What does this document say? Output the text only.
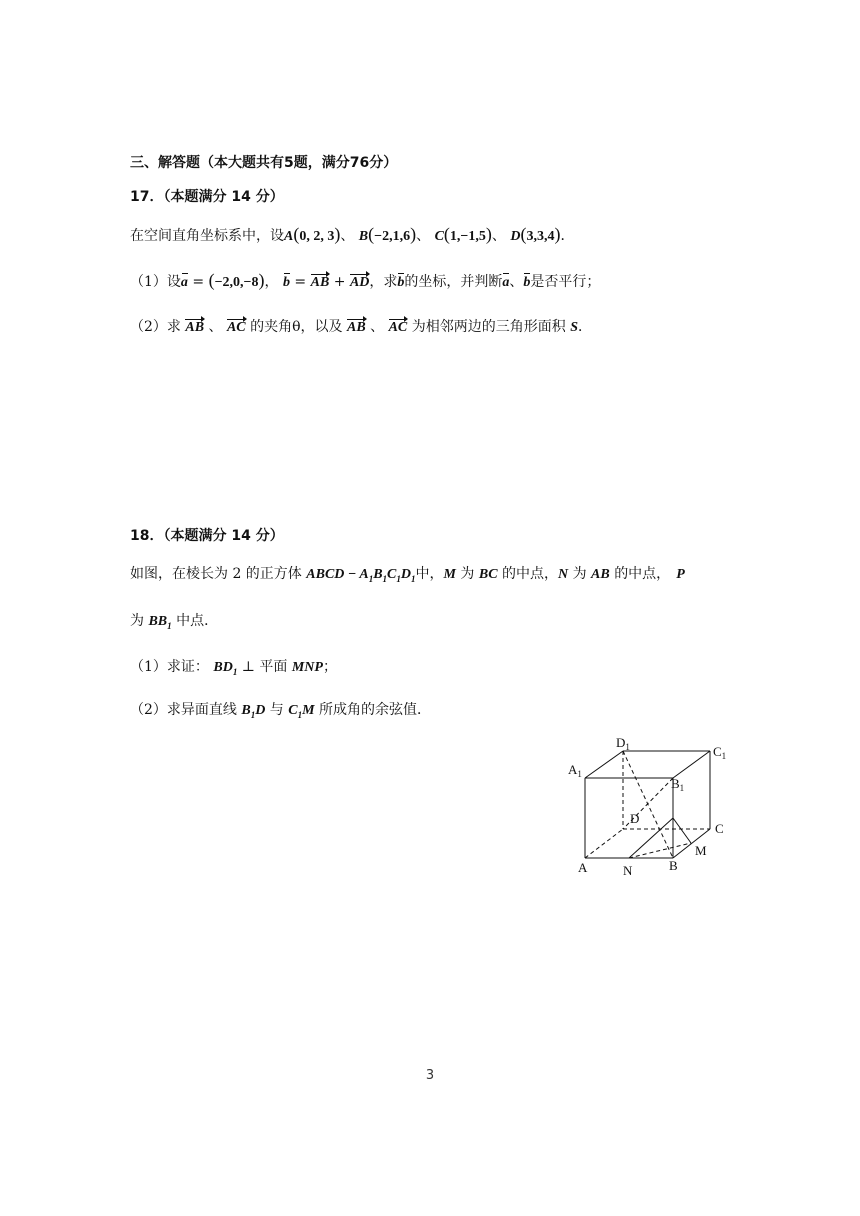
三、解答题（本大题共有5题，满分76分）
17．（本题满分 14 分）
在空间直角坐标系中，设A(0, 2, 3)、 B(−2,1,6)、 C(1,−1,5)、 D(3,3,4)．
（1）设a = (−2,0,−8)， b = AB + AD，求b的坐标，并判断a、b是否平行；
（2）求 AB 、 AC 的夹角θ，以及 AB 、 AC 为相邻两边的三角形面积 S．
18．（本题满分 14 分）
如图，在棱长为 2 的正方体 ABCD − $A_1B_1C_1D_1$中，M 为 BC 的中点，N 为 AB 的中点， P
为 $BB_1$ 中点．
（1）求证： $BD_1$ ⊥ 平面 MNP；
（2）求异面直线 $B_1D$ 与 $C_1M$ 所成角的余弦值．
$D_1$	$C_1$
$A_1$
$B_1$
D
C
M
A	N	B
3
